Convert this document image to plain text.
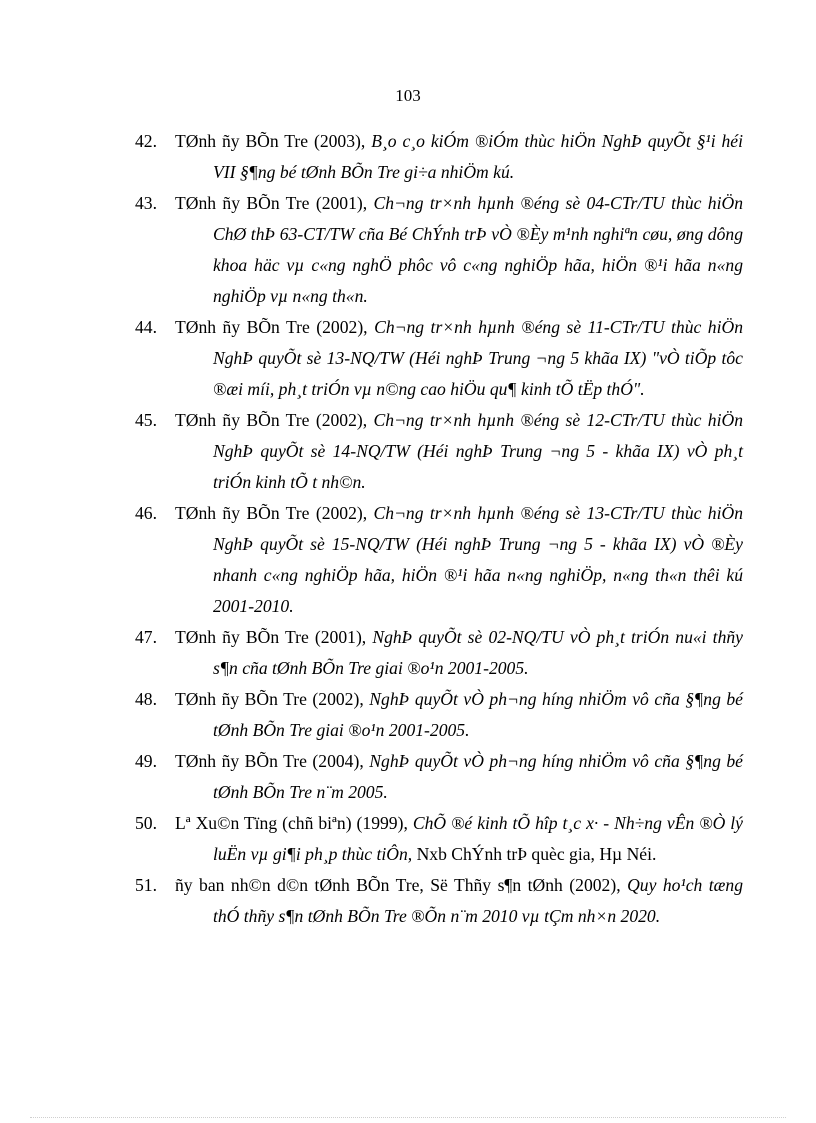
103
42. TØnh ñy BÕn Tre (2003), B¸o c¸o kiÓm ®iÓm thùc hiÖn NghÞ quyÕt §¹i héi VII §¶ng bé tØnh BÕn Tre gi÷a nhiÖm kú.
43. TØnh ñy BÕn Tre (2001), Ch¬ng tr×nh hµnh ®éng sè 04-CTr/TU thùc hiÖn ChØ thÞ 63-CT/TW cña Bé ChÝnh trÞ vÒ ®Èy m¹nh nghiªn cøu, øng dông khoa häc vµ c«ng nghÖ phôc vô c«ng nghiÖp hãa, hiÖn ®¹i hãa n«ng nghiÖp vµ n«ng th«n.
44. TØnh ñy BÕn Tre (2002), Ch¬ng tr×nh hµnh ®éng sè 11-CTr/TU thùc hiÖn NghÞ quyÕt sè 13-NQ/TW (Héi nghÞ Trung ¬ng 5 khãa IX) "vÒ tiÕp tôc ®æi míi, ph¸t triÓn vµ n©ng cao hiÖu qu¶ kinh tÕ tËp thÓ".
45. TØnh ñy BÕn Tre (2002), Ch¬ng tr×nh hµnh ®éng sè 12-CTr/TU thùc hiÖn NghÞ quyÕt sè 14-NQ/TW (Héi nghÞ Trung ¬ng 5 - khãa IX) vÒ ph¸t triÓn kinh tÕ t nh©n.
46. TØnh ñy BÕn Tre (2002), Ch¬ng tr×nh hµnh ®éng sè 13-CTr/TU thùc hiÖn NghÞ quyÕt sè 15-NQ/TW (Héi nghÞ Trung ¬ng 5 - khãa IX) vÒ ®Èy nhanh c«ng nghiÖp hãa, hiÖn ®¹i hãa n«ng nghiÖp, n«ng th«n thêi kú 2001-2010.
47. TØnh ñy BÕn Tre (2001), NghÞ quyÕt sè 02-NQ/TU vÒ ph¸t triÓn nu«i thñy s¶n cña tØnh BÕn Tre giai ®o¹n 2001-2005.
48. TØnh ñy BÕn Tre (2002), NghÞ quyÕt vÒ ph¬ng híng nhiÖm vô cña §¶ng bé tØnh BÕn Tre giai ®o¹n 2001-2005.
49. TØnh ñy BÕn Tre (2004), NghÞ quyÕt vÒ ph¬ng híng nhiÖm vô cña §¶ng bé tØnh BÕn Tre n¨m 2005.
50. Lª Xu©n Tïng (chñ biªn) (1999), ChÕ ®é kinh tÕ hîp t¸c x· - Nh÷ng vÊn ®Ò lý luËn vµ gi¶i ph¸p thùc tiÔn, Nxb ChÝnh trÞ quèc gia, Hµ Néi.
51. ñy ban nh©n d©n tØnh BÕn Tre, Së Thñy s¶n tØnh (2002), Quy ho¹ch tæng thÓ thñy s¶n tØnh BÕn Tre ®Õn n¨m 2010 vµ tÇm nh×n 2020.
